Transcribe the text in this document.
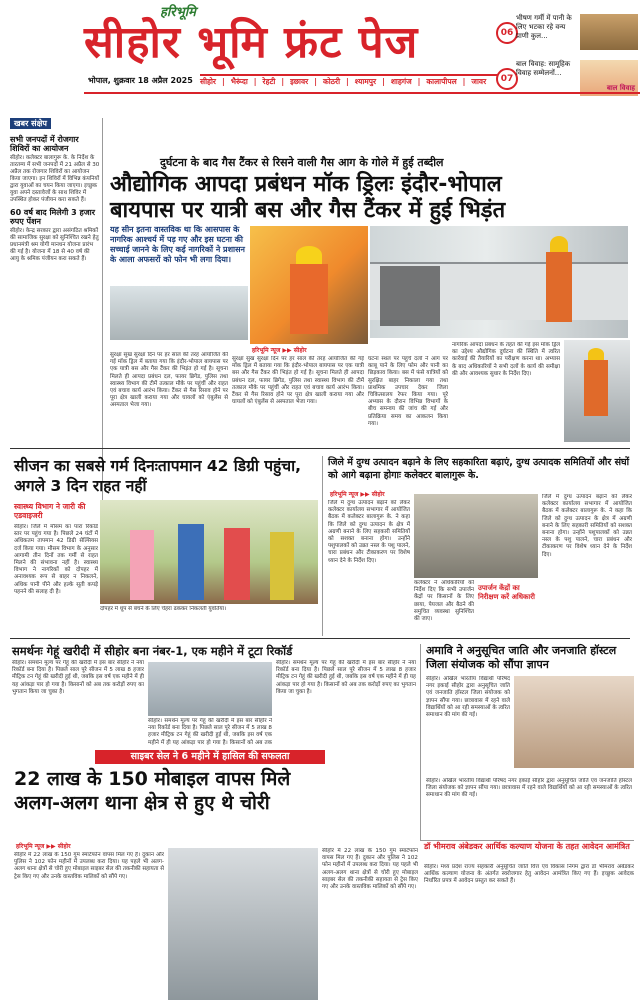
हरिभूमि
सीहोर भूमि फ्रंट पेज
भोपाल, शुक्रवार 18 अप्रैल 2025 सीहोर | भैरूंदा | रेहटी | इछावर | कोठरी | श्यामपुर | शाहगंज | कालापीपल | जावर
06
भीषण गर्मी में पानी के लिए भटका रहे वन्य प्राणी कुल...
07
बाल विवाह: सामूहिक विवाह सम्मेलनों...
बाल विवाह
खबर संक्षेप
सभी जनपदों में रोजगार शिविरों का आयोजन

सीहोर। कलेक्टर बालागुरू के. के निर्देश के तारतम्य में सभी जनपदों में 21 अप्रैल से 30 अप्रैल तक रोजगार शिविरों का आयोजन किया जाएगा। इन शिविरों में विभिन्न कंपनियों द्वारा युवाओं का चयन किया जाएगा। इच्छुक युवा अपने दस्तावेजों के साथ शिविर में उपस्थित होकर पंजीयन करा सकते हैं।

60 वर्ष बाद मिलेगी 3 हजार रुपए पेंशन

सीहोर। केन्द्र सरकार द्वारा असंगठित श्रमिकों की सामाजिक सुरक्षा को सुनिश्चित रखने हेतु प्रधानमंत्री श्रम योगी मानधन योजना प्रारंभ की गई है। योजना में 18 से 40 वर्ष की आयु के श्रमिक पंजीयन करा सकते हैं।

दुर्घटना के बाद गैस टैंकर से रिसने वाली गैस आग के गोले में हुई तब्दील
औद्योगिक आपदा प्रबंधन मॉक ड्रिलः इंदौर-भोपाल
बायपास पर यात्री बस और गैस टैंकर में हुई भिड़ंत
यह सीन इतना वास्तविक था कि आसपास के नागरिक आश्चर्य में पड़ गए और इस घटना की सच्चाई जानने के लिए कई नागरिकों ने प्रशासन के आला अफसरों को फोन भी लगा दिया।
हरिभूमि न्यूज ▶▶ सीहोर
सुरक्षा सुख सुरक्षा दिन पर हर साल की तरह आयोजित की गई मॉक ड्रिल में बताया गया कि इंदौर-भोपाल बायपास पर एक यात्री बस और गैस टैंकर की भिड़ंत हो गई है। सूचना मिलते ही आपदा प्रबंधन दल, फायर ब्रिगेड, पुलिस तथा स्वास्थ्य विभाग की टीमें तत्काल मौके पर पहुंचीं और राहत एवं बचाव कार्य आरंभ किया। टैंकर से गैस रिसाव होने पर पूरा क्षेत्र खाली कराया गया और घायलों को एंबुलेंस से अस्पताल भेजा गया।
सुरक्षा सुख सुरक्षा दिन पर हर साल की तरह आयोजित की गई मॉक ड्रिल में बताया गया कि इंदौर-भोपाल बायपास पर एक यात्री बस और गैस टैंकर की भिड़ंत हो गई है। सूचना मिलते ही आपदा प्रबंधन दल, फायर ब्रिगेड, पुलिस तथा स्वास्थ्य विभाग की टीमें तत्काल मौके पर पहुंचीं और राहत एवं बचाव कार्य आरंभ किया। टैंकर से गैस रिसाव होने पर पूरा क्षेत्र खाली कराया गया और घायलों को एंबुलेंस से अस्पताल भेजा गया।
घटना स्थल पर पहुंचे दलों ने आग पर काबू पाने के लिए फोम और पानी का छिड़काव किया। बस में फंसे यात्रियों को सुरक्षित बाहर निकाला गया तथा प्राथमिक उपचार देकर जिला चिकित्सालय रेफर किया गया। पूरे अभ्यास के दौरान विभिन्न विभागों के बीच समन्वय की जांच की गई और प्रतिक्रिया समय का आकलन किया गया।
नागरिक आपदा प्रबंधन के तहत की गई इस मॉक ड्रिल का उद्देश्य औद्योगिक दुर्घटना की स्थिति में त्वरित कार्रवाई की तैयारियों का परीक्षण करना था। अभ्यास के बाद अधिकारियों ने सभी दलों के कार्य की समीक्षा की और आवश्यक सुधार के निर्देश दिए।
सीजन का सबसे गर्म दिनःतापमान 42 डिग्री पहुंचा, अगले 3 दिन राहत नहीं
स्वास्थ्य विभाग ने जारी की एडवाइजरी
सीहोर। जिले में मौसम का पारा रिकॉर्ड स्तर पर पहुंच गया है। पिछले 24 घंटों में अधिकतम तापमान 42 डिग्री सेल्सियस दर्ज किया गया। मौसम विभाग के अनुसार आगामी तीन दिनों तक गर्मी से राहत मिलने की संभावना नहीं है। स्वास्थ्य विभाग ने नागरिकों को दोपहर में अनावश्यक रूप से बाहर न निकलने, अधिक पानी पीने और हल्के सूती कपड़े पहनने की सलाह दी है।
दोपहर में धूप से बचने के लिए चेहरा ढंककर निकलती युवतियां।
जिले में दुग्ध उत्पादन बढ़ाने के लिए सहकारिता बढ़ाएं, दुग्ध उत्पादक समितियों और संघों को आगे बढ़ाना होगाः कलेक्टर बालागुरू के.
हरिभूमि न्यूज ▶▶ सीहोर
जिले में दुग्ध उत्पादन बढ़ाने को लेकर कलेक्टर कार्यालय सभागार में आयोजित बैठक में कलेक्टर बालागुरू के. ने कहा कि जिले को दुग्ध उत्पादन के क्षेत्र में अग्रणी बनाने के लिए सहकारी समितियों को सशक्त बनाना होगा। उन्होंने पशुपालकों को उन्नत नस्ल के पशु पालने, चारा प्रबंधन और टीकाकरण पर विशेष ध्यान देने के निर्देश दिए।
कलेक्टर ने अधिकारियों को निर्देश दिए कि सभी उपार्जन केंद्रों पर किसानों के लिए छाया, पेयजल और बैठने की समुचित व्यवस्था सुनिश्चित की जाए।
उपार्जन केंद्रों का निरीक्षण करें अधिकारी
जिले में दुग्ध उत्पादन बढ़ाने को लेकर कलेक्टर कार्यालय सभागार में आयोजित बैठक में कलेक्टर बालागुरू के. ने कहा कि जिले को दुग्ध उत्पादन के क्षेत्र में अग्रणी बनाने के लिए सहकारी समितियों को सशक्त बनाना होगा। उन्होंने पशुपालकों को उन्नत नस्ल के पशु पालने, चारा प्रबंधन और टीकाकरण पर विशेष ध्यान देने के निर्देश दिए।
समर्थनः गेहूं खरीदी में सीहोर बना नंबर-1, एक महीने में टूटा रिकॉर्ड
सीहोर। समर्थन मूल्य पर गेहूं की खरीदी में इस बार सीहोर ने नया रिकॉर्ड बना दिया है। पिछले साल पूरे सीजन में 5 लाख 8 हजार मीट्रिक टन गेहूं की खरीदी हुई थी, जबकि इस वर्ष एक महीने में ही यह आंकड़ा पार हो गया है। किसानों को अब तक करोड़ों रुपए का भुगतान किया जा चुका है।
सीहोर। समर्थन मूल्य पर गेहूं की खरीदी में इस बार सीहोर ने नया रिकॉर्ड बना दिया है। पिछले साल पूरे सीजन में 5 लाख 8 हजार मीट्रिक टन गेहूं की खरीदी हुई थी, जबकि इस वर्ष एक महीने में ही यह आंकड़ा पार हो गया है। किसानों को अब तक
सीहोर। समर्थन मूल्य पर गेहूं की खरीदी में इस बार सीहोर ने नया रिकॉर्ड बना दिया है। पिछले साल पूरे सीजन में 5 लाख 8 हजार मीट्रिक टन गेहूं की खरीदी हुई थी, जबकि इस वर्ष एक महीने में ही यह आंकड़ा पार हो गया है। किसानों को अब तक करोड़ों रुपए का भुगतान किया जा चुका है।
अमावि ने अनुसूचित जाति और जनजाति हॉस्टल जिला संयोजक को सौंपा ज्ञापन
सीहोर। अखिल भारतीय विद्यार्थी परिषद नगर इकाई सीहोर द्वारा अनुसूचित जाति एवं जनजाति हॉस्टल जिला संयोजक को ज्ञापन सौंपा गया। छात्रावास में रहने वाले विद्यार्थियों को आ रही समस्याओं के त्वरित समाधान की मांग की गई।
सीहोर। अखिल भारतीय विद्यार्थी परिषद नगर इकाई सीहोर द्वारा अनुसूचित जाति एवं जनजाति हॉस्टल जिला संयोजक को ज्ञापन सौंपा गया। छात्रावास में रहने वाले विद्यार्थियों को आ रही समस्याओं के त्वरित समाधान की मांग की गई।
साइबर सेल ने 6 महीने में हासिल की सफलता
22 लाख के 150 मोबाइल वापस मिले
अलग-अलग थाना क्षेत्र से हुए थे चोरी
हरिभूमि न्यूज ▶▶ सीहोर
सीहोर में 22 लाख के 150 गुम स्मार्टफोन वापस मिल गए हैं। दुकान और पुलिस ने 102 फोन महीनों में उपलब्ध करा दिया। यह पहले भी अलग-अलग थाना क्षेत्रों से चोरी हुए मोबाइल साइबर सेल की तकनीकी सहायता से ट्रेस किए गए और उनके वास्तविक मालिकों को सौंपे गए।
सीहोर में 22 लाख के 150 गुम स्मार्टफोन वापस मिल गए हैं। दुकान और पुलिस ने 102 फोन महीनों में उपलब्ध करा दिया। यह पहले भी अलग-अलग थाना क्षेत्रों से चोरी हुए मोबाइल साइबर सेल की तकनीकी सहायता से ट्रेस किए गए और उनके वास्तविक मालिकों को सौंपे गए।
डॉ भीमराव अंबेडकर आर्थिक कल्याण योजना के तहत आवेदन आमंत्रित
सीहोर। मध्य प्रदेश राज्य सहकारी अनुसूचित जाति वित्त एवं विकास निगम द्वारा डॉ भीमराव अंबेडकर आर्थिक कल्याण योजना के अंतर्गत स्वरोजगार हेतु आवेदन आमंत्रित किए गए हैं। इच्छुक आवेदक निर्धारित प्रपत्र में आवेदन प्रस्तुत कर सकते हैं।
